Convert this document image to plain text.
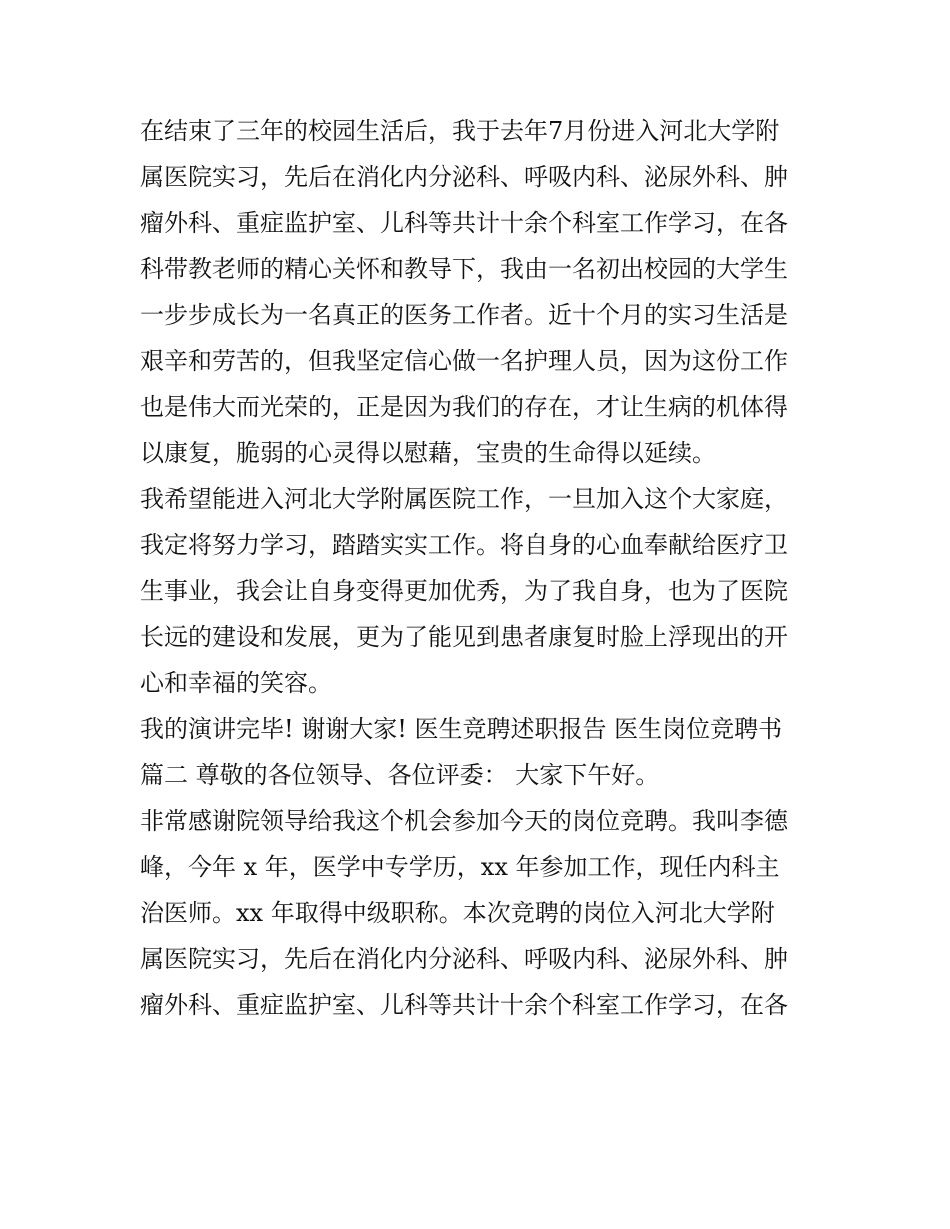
在结束了三年的校园生活后，我于去年7月份进入河北大学附
属医院实习，先后在消化内分泌科、呼吸内科、泌尿外科、肿
瘤外科、重症监护室、儿科等共计十余个科室工作学习，在各
科带教老师的精心关怀和教导下，我由一名初出校园的大学生
一步步成长为一名真正的医务工作者。近十个月的实习生活是
艰辛和劳苦的，但我坚定信心做一名护理人员，因为这份工作
也是伟大而光荣的，正是因为我们的存在，才让生病的机体得
以康复，脆弱的心灵得以慰藉，宝贵的生命得以延续。
我希望能进入河北大学附属医院工作，一旦加入这个大家庭，
我定将努力学习，踏踏实实工作。将自身的心血奉献给医疗卫
生事业，我会让自身变得更加优秀，为了我自身，也为了医院
长远的建设和发展，更为了能见到患者康复时脸上浮现出的开
心和幸福的笑容。
我的演讲完毕! 谢谢大家! 医生竞聘述职报告 医生岗位竞聘书
篇二 尊敬的各位领导、各位评委： 大家下午好。
非常感谢院领导给我这个机会参加今天的岗位竞聘。我叫李德
峰，今年 x 年，医学中专学历，xx 年参加工作，现任内科主
治医师。xx 年取得中级职称。本次竞聘的岗位入河北大学附
属医院实习，先后在消化内分泌科、呼吸内科、泌尿外科、肿
瘤外科、重症监护室、儿科等共计十余个科室工作学习，在各
